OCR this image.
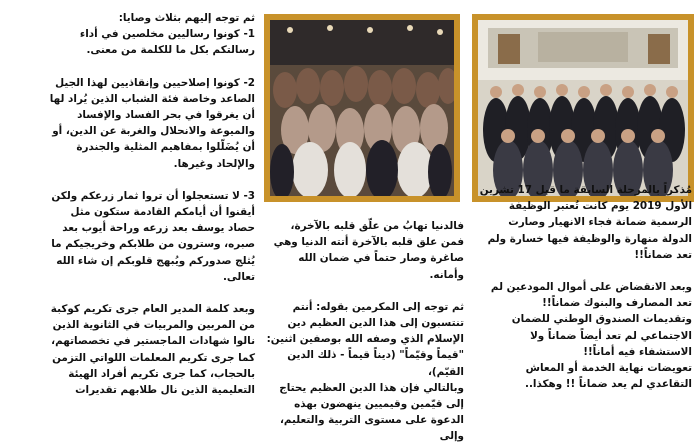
مُذكراً بالمرحلة السابقة ما قبل 17 تشرين الأول 2019 يوم كانت تُعتبر الوظيفة الرسمية ضمانة فجاء الانهيار وصارت الدولة منهارة والوظيفة فيها خسارة ولم تعد ضماناً!!

وبعد الانقضاض على أموال المودعين لم تعد المصارف والبنوك ضماناً!!

وتقديمات الصندوق الوطني للضمان الاجتماعي لم تعد أيضاً ضماناً ولا الاستشفاء فيه أماناً!!

تعويضات نهاية الخدمة أو المعاش التقاعدي لم يعد ضماناً !! وهكذا..

فالدنيا تهابُ من علّق قلبه بالآخرة، فمن علق قلبه بالآخرة أتته الدنيا وهي صاغرة وصار حتماً في ضمان الله وأمانه.

ثم توجه إلى المكرمين بقوله: أنتم تنتسبون إلى هذا الدين العظيم دين الإسلام الذي وصفه الله بوصفين اثنين: "قيماً وقيّماً" (ديناً قيماً - ذلك الدين القيّم)،

وبالتالي فإن هذا الدين العظيم يحتاج إلى قيّمين وقيميين ينهضون بهذه الدعوة على مستوى التربية والتعليم، وإلى

ثم توجه إليهم بثلاث وصايا:

1- كونوا رساليين مخلصين في أداء رسالتكم بكل ما للكلمة من معنى.

2- كونوا إصلاحيين وإنقاذيين لهذا الجيل الصاعد وخاصة فئة الشباب الذين يُراد لها أن يغرقوا في بحر الفساد والإفساد والميوعة والانحلال والغربة عن الدين، أو أن يُضَلّلوا بمفاهيم المثلية والجندرة والإلحاد وغيرها.

3- لا تستعجلوا أن تروا ثمار زرعكم ولكن أيقنوا أن أيامكم القادمة ستكون مثل حصاد يوسف بعد زرعه وراحة أيوب بعد صبره، وسترون من طلابكم وخريجيكم ما يُثلج صدوركم ويُبهج قلوبكم إن شاء الله تعالى.

وبعد كلمة المدير العام جرى تكريم كوكبة من المربين والمربيات في الثانوية الذين نالوا شهادات الماجستير في تخصصاتهم، كما جرى تكريم المعلمات اللواتي التزمن بالحجاب، كما جرى تكريم أفراد الهيئة التعليمية الذين نال طلابهم تقديرات
